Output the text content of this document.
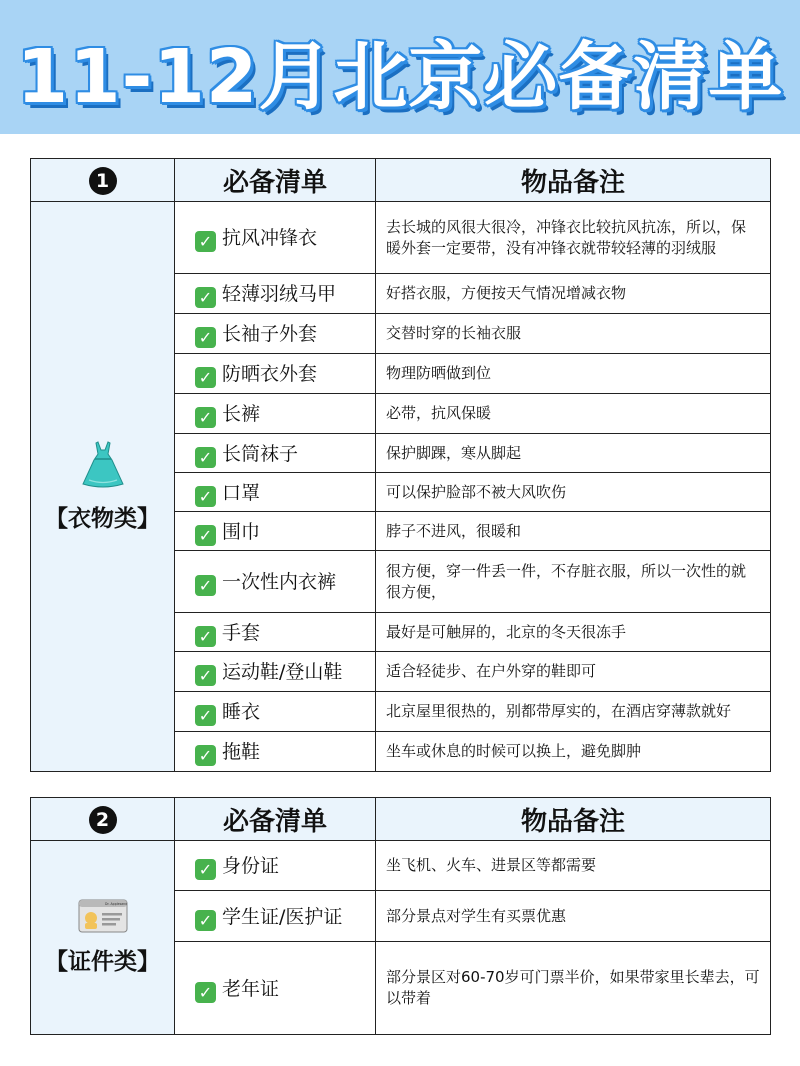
11-12月北京必备清单
1	必备清单	物品备注

【衣物类】	✓ 抗风冲锋衣	去长城的风很大很冷，冲锋衣比较抗风抗冻，所以，保暖外套一定要带，没有冲锋衣就带较轻薄的羽绒服
	✓ 轻薄羽绒马甲	好搭衣服，方便按天气情况增减衣物
	✓ 长袖子外套	交替时穿的长袖衣服
	✓ 防晒衣外套	物理防晒做到位
	✓ 长裤	必带，抗风保暖
	✓ 长筒袜子	保护脚踝，寒从脚起
	✓ 口罩	可以保护脸部不被大风吹伤
	✓ 围巾	脖子不进风，很暖和
	✓ 一次性内衣裤	很方便，穿一件丢一件，不存脏衣服，所以一次性的就很方便，
	✓ 手套	最好是可触屏的，北京的冬天很冻手
	✓ 运动鞋/登山鞋	适合轻徒步、在户外穿的鞋即可
	✓ 睡衣	北京屋里很热的，别都带厚实的，在酒店穿薄款就好
	✓ 拖鞋	坐车或休息的时候可以换上，避免脚肿
2	必备清单	物品备注

Dr. Applesand
【证件类】	✓ 身份证	坐飞机、火车、进景区等都需要
	✓ 学生证/医护证	部分景点对学生有买票优惠
	✓ 老年证	部分景区对60-70岁可门票半价，如果带家里长辈去，可以带着
